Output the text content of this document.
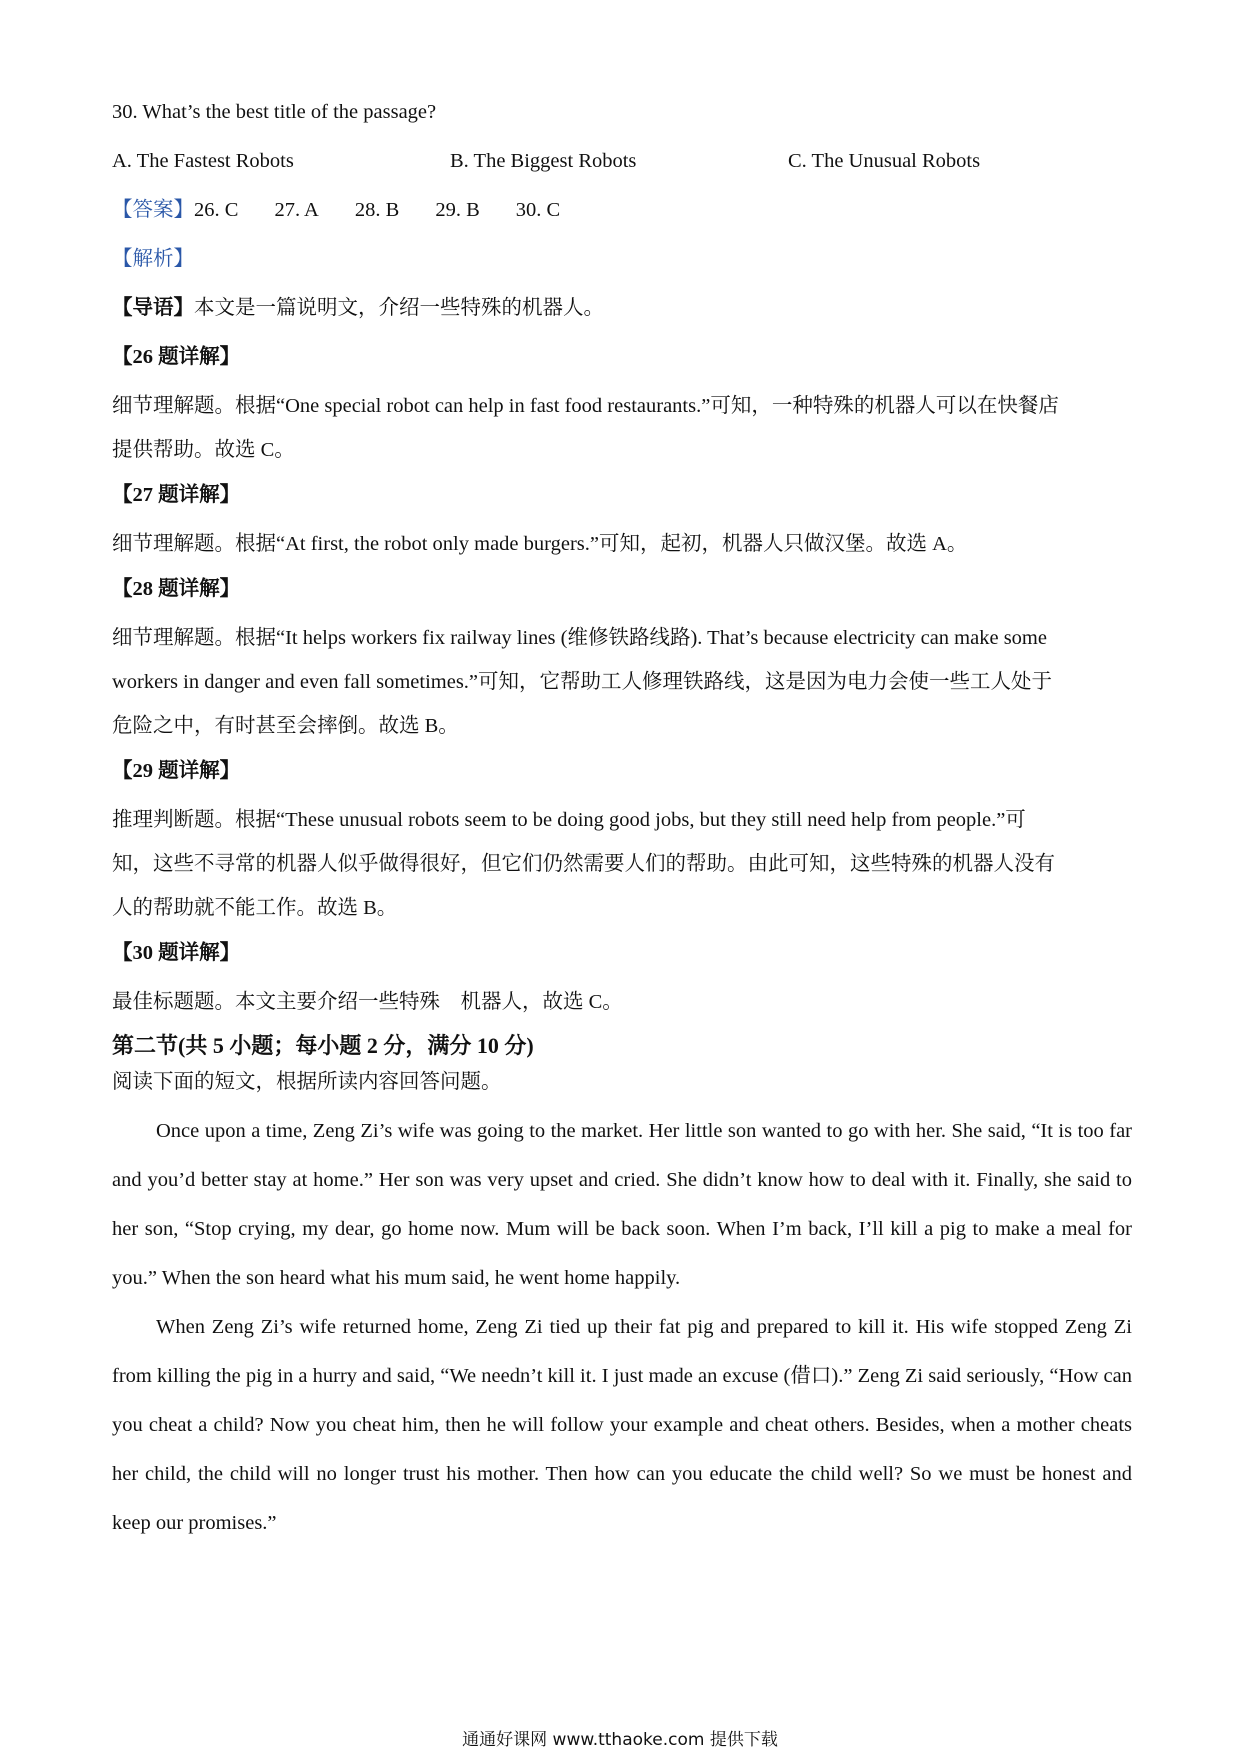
30. What’s the best title of the passage?

A. The Fastest Robots	B. The Biggest Robots	C. The Unusual Robots
【答案】 26. C 27. A 28. B 29. B 30. C

【解析】

【导语】本文是一篇说明文，介绍一些特殊的机器人。

【26 题详解】

细节理解题。根据“One special robot can help in fast food restaurants.”可知，一种特殊的机器人可以在快餐店

提供帮助。故选 C。

【27 题详解】

细节理解题。根据“At first, the robot only made burgers.”可知，起初，机器人只做汉堡。故选 A。

【28 题详解】

细节理解题。根据“It helps workers fix railway lines (维修铁路线路). That’s because electricity can make some

workers in danger and even fall sometimes.”可知，它帮助工人修理铁路线，这是因为电力会使一些工人处于

危险之中，有时甚至会摔倒。故选 B。

【29 题详解】

推理判断题。根据“These unusual robots seem to be doing good jobs, but they still need help from people.”可

知，这些不寻常的机器人似乎做得很好，但它们仍然需要人们的帮助。由此可知，这些特殊的机器人没有

人的帮助就不能工作。故选 B。

【30 题详解】

最佳标题题。本文主要介绍一些特殊　机器人，故选 C。

第二节(共 5 小题；每小题 2 分，满分 10 分)

阅读下面的短文，根据所读内容回答问题。

Once upon a time, Zeng Zi’s wife was going to the market. Her little son wanted to go with her. She said, “It is too far and you’d better stay at home.” Her son was very upset and cried. She didn’t know how to deal with it. Finally, she said to her son, “Stop crying, my dear, go home now. Mum will be back soon. When I’m back, I’ll kill a pig to make a meal for you.” When the son heard what his mum said, he went home happily.

When Zeng Zi’s wife returned home, Zeng Zi tied up their fat pig and prepared to kill it. His wife stopped Zeng Zi from killing the pig in a hurry and said, “We needn’t kill it. I just made an excuse (借口).” Zeng Zi said seriously, “How can you cheat a child? Now you cheat him, then he will follow your example and cheat others. Besides, when a mother cheats her child, the child will no longer trust his mother. Then how can you educate the child well? So we must be honest and keep our promises.”

通通好课网 www.tthaoke.com 提供下载
